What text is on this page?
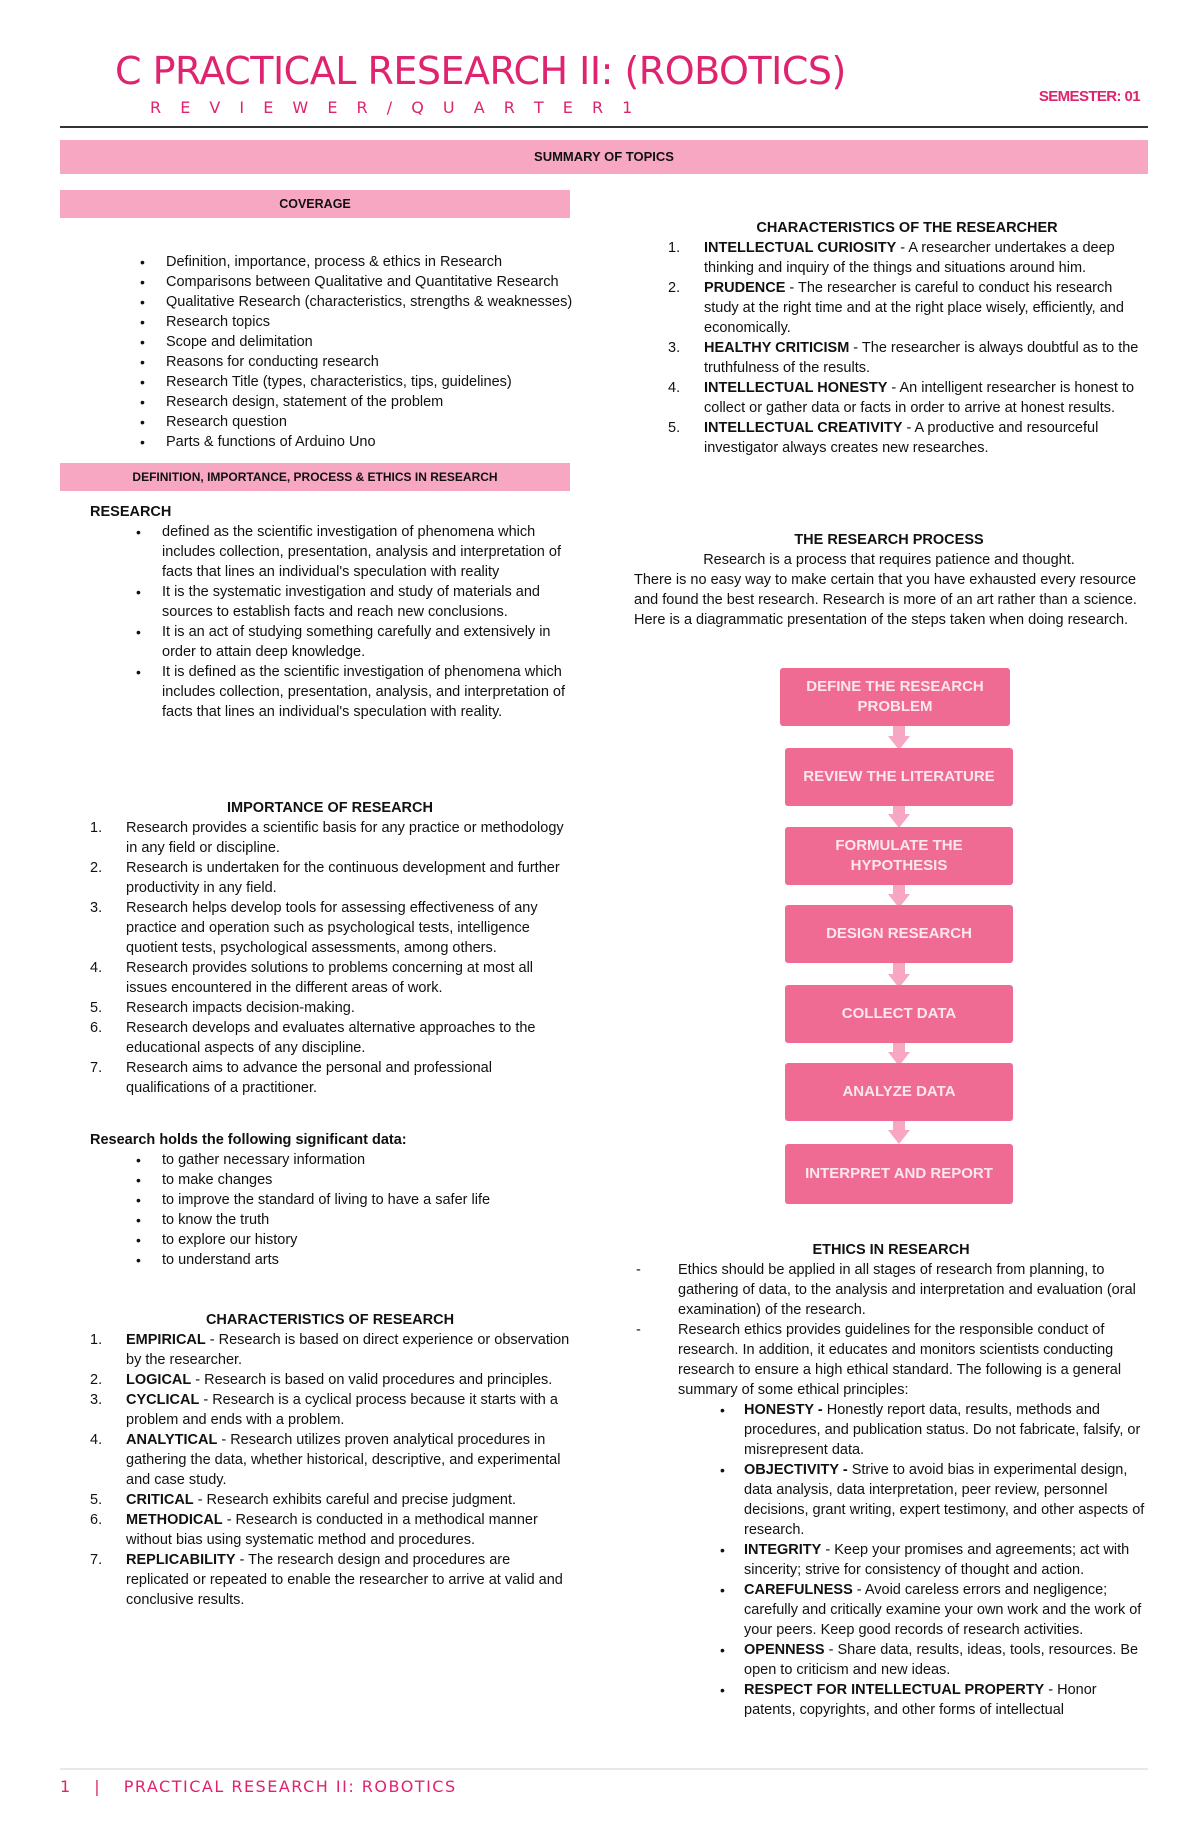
C PRACTICAL RESEARCH II: (ROBOTICS)
R E V I E W E R / Q U A R T E R 1
SEMESTER: 01
SUMMARY OF TOPICS
COVERAGE
• Definition, importance, process & ethics in Research
• Comparisons between Qualitative and Quantitative Research
• Qualitative Research (characteristics, strengths & weaknesses)
• Research topics
• Scope and delimitation
• Reasons for conducting research
• Research Title (types, characteristics, tips, guidelines)
• Research design, statement of the problem
• Research question
• Parts & functions of Arduino Uno
DEFINITION, IMPORTANCE, PROCESS & ETHICS IN RESEARCH
RESEARCH
• defined as the scientific investigation of phenomena which includes collection, presentation, analysis and interpretation of facts that lines an individual's speculation with reality
• It is the systematic investigation and study of materials and sources to establish facts and reach new conclusions.
• It is an act of studying something carefully and extensively in order to attain deep knowledge.
• It is defined as the scientific investigation of phenomena which includes collection, presentation, analysis, and interpretation of facts that lines an individual's speculation with reality.
IMPORTANCE OF RESEARCH
1. Research provides a scientific basis for any practice or methodology in any field or discipline.
2. Research is undertaken for the continuous development and further productivity in any field.
3. Research helps develop tools for assessing effectiveness of any practice and operation such as psychological tests, intelligence quotient tests, psychological assessments, among others.
4. Research provides solutions to problems concerning at most all issues encountered in the different areas of work.
5. Research impacts decision-making.
6. Research develops and evaluates alternative approaches to the educational aspects of any discipline.
7. Research aims to advance the personal and professional qualifications of a practitioner.
Research holds the following significant data:
• to gather necessary information
• to make changes
• to improve the standard of living to have a safer life
• to know the truth
• to explore our history
• to understand arts
CHARACTERISTICS OF RESEARCH
1. EMPIRICAL - Research is based on direct experience or observation by the researcher.
2. LOGICAL - Research is based on valid procedures and principles.
3. CYCLICAL - Research is a cyclical process because it starts with a problem and ends with a problem.
4. ANALYTICAL - Research utilizes proven analytical procedures in gathering the data, whether historical, descriptive, and experimental and case study.
5. CRITICAL - Research exhibits careful and precise judgment.
6. METHODICAL - Research is conducted in a methodical manner without bias using systematic method and procedures.
7. REPLICABILITY - The research design and procedures are replicated or repeated to enable the researcher to arrive at valid and conclusive results.
CHARACTERISTICS OF THE RESEARCHER
1. INTELLECTUAL CURIOSITY - A researcher undertakes a deep thinking and inquiry of the things and situations around him.
2. PRUDENCE - The researcher is careful to conduct his research study at the right time and at the right place wisely, efficiently, and economically.
3. HEALTHY CRITICISM - The researcher is always doubtful as to the truthfulness of the results.
4. INTELLECTUAL HONESTY - An intelligent researcher is honest to collect or gather data or facts in order to arrive at honest results.
5. INTELLECTUAL CREATIVITY - A productive and resourceful investigator always creates new researches.
THE RESEARCH PROCESS
Research is a process that requires patience and thought.
There is no easy way to make certain that you have exhausted every resource and found the best research. Research is more of an art rather than a science. Here is a diagrammatic presentation of the steps taken when doing research.
DEFINE THE RESEARCH PROBLEM
REVIEW THE LITERATURE
FORMULATE THE HYPOTHESIS
DESIGN RESEARCH
COLLECT DATA
ANALYZE DATA
INTERPRET AND REPORT
ETHICS IN RESEARCH
-	Ethics should be applied in all stages of research from planning, to gathering of data, to the analysis and interpretation and evaluation (oral examination) of the research.
-	Research ethics provides guidelines for the responsible conduct of research. In addition, it educates and monitors scientists conducting research to ensure a high ethical standard. The following is a general summary of some ethical principles:
• HONESTY - Honestly report data, results, methods and procedures, and publication status. Do not fabricate, falsify, or misrepresent data.
• OBJECTIVITY - Strive to avoid bias in experimental design, data analysis, data interpretation, peer review, personnel decisions, grant writing, expert testimony, and other aspects of research.
• INTEGRITY - Keep your promises and agreements; act with sincerity; strive for consistency of thought and action.
• CAREFULNESS - Avoid careless errors and negligence; carefully and critically examine your own work and the work of your peers. Keep good records of research activities.
• OPENNESS - Share data, results, ideas, tools, resources. Be open to criticism and new ideas.
• RESPECT FOR INTELLECTUAL PROPERTY - Honor patents, copyrights, and other forms of intellectual
1 | PRACTICAL RESEARCH II: ROBOTICS
